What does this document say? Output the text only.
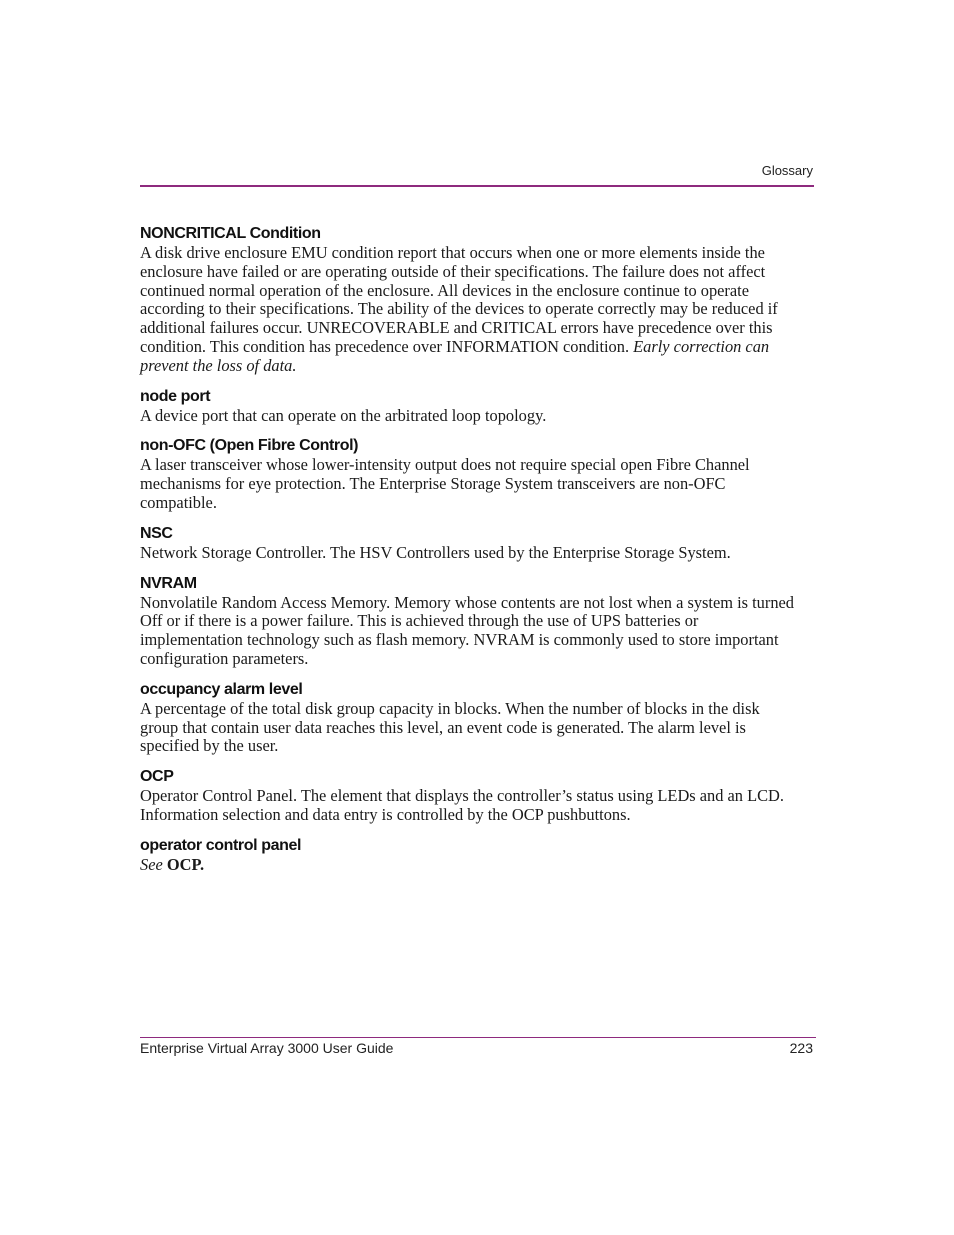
Glossary

NONCRITICAL Condition

A disk drive enclosure EMU condition report that occurs when one or more elements inside the enclosure have failed or are operating outside of their specifications. The failure does not affect continued normal operation of the enclosure. All devices in the enclosure continue to operate according to their specifications. The ability of the devices to operate correctly may be reduced if additional failures occur. UNRECOVERABLE and CRITICAL errors have precedence over this condition. This condition has precedence over INFORMATION condition. Early correction can prevent the loss of data.

node port

A device port that can operate on the arbitrated loop topology.

non-OFC (Open Fibre Control)

A laser transceiver whose lower-intensity output does not require special open Fibre Channel mechanisms for eye protection. The Enterprise Storage System transceivers are non-OFC compatible.

NSC

Network Storage Controller. The HSV Controllers used by the Enterprise Storage System.

NVRAM

Nonvolatile Random Access Memory. Memory whose contents are not lost when a system is turned Off or if there is a power failure. This is achieved through the use of UPS batteries or implementation technology such as flash memory. NVRAM is commonly used to store important configuration parameters.

occupancy alarm level

A percentage of the total disk group capacity in blocks. When the number of blocks in the disk group that contain user data reaches this level, an event code is generated. The alarm level is specified by the user.

OCP

Operator Control Panel. The element that displays the controller’s status using LEDs and an LCD. Information selection and data entry is controlled by the OCP pushbuttons.

operator control panel

See OCP.

Enterprise Virtual Array 3000 User Guide	223
